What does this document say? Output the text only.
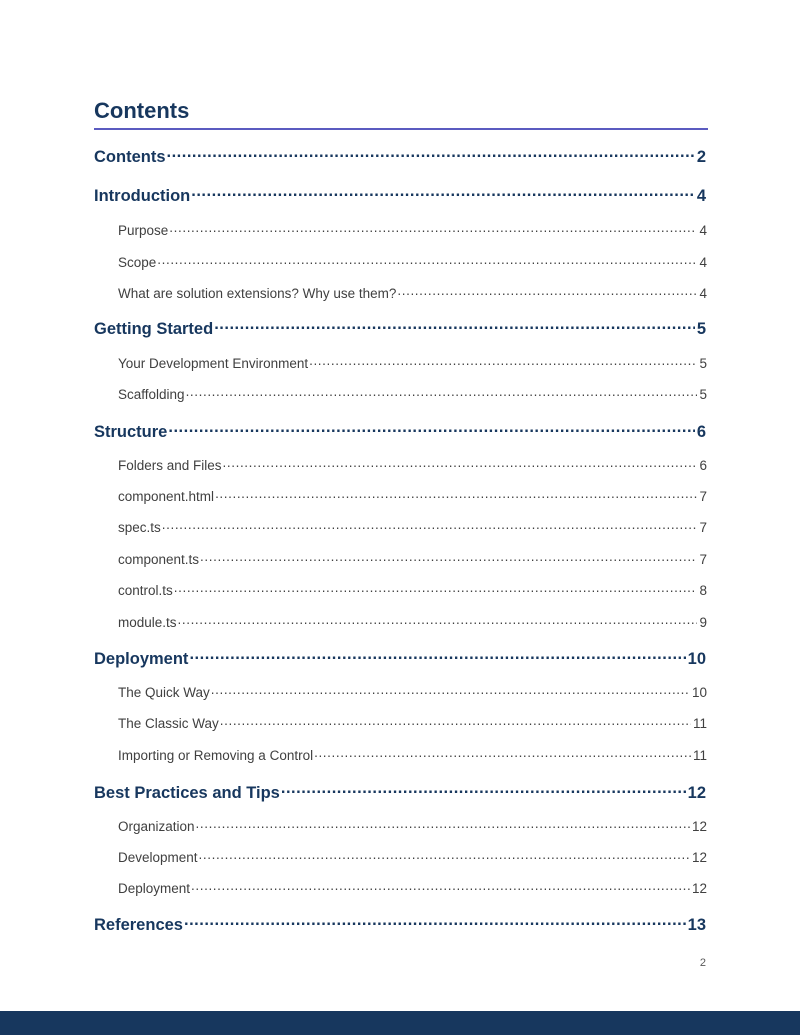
Contents
Contents .....	2
Introduction .....	4
Purpose .....	4
Scope .....	4
What are solution extensions? Why use them? .....	4
Getting Started .....	5
Your Development Environment .....	5
Scaffolding .....	5
Structure .....	6
Folders and Files .....	6
component.html .....	7
spec.ts .....	7
component.ts .....	7
control.ts .....	8
module.ts .....	9
Deployment .....	10
The Quick Way .....	10
The Classic Way .....	11
Importing or Removing a Control .....	11
Best Practices and Tips .....	12
Organization .....	12
Development .....	12
Deployment .....	12
References .....	13
2
